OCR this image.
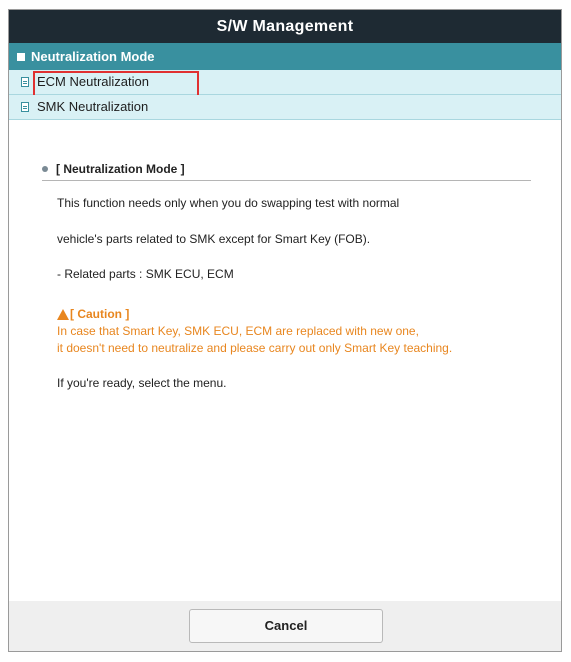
S/W Management
Neutralization Mode
ECM Neutralization
SMK Neutralization
[ Neutralization Mode ]
This function needs only when you do swapping test with normal
vehicle's parts related to SMK except for Smart Key (FOB).
- Related parts : SMK ECU, ECM
[ Caution ]
In case that Smart Key, SMK ECU, ECM are replaced with new one,
it doesn't need to neutralize and please carry out only Smart Key teaching.
If you're ready, select the menu.
Cancel
